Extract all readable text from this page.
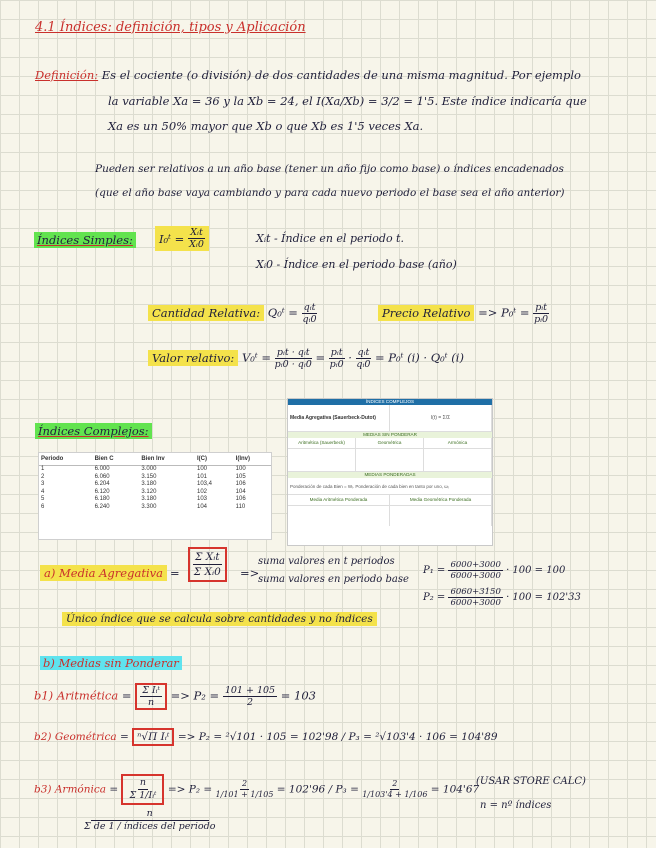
4.1 Índices: definición, tipos y Aplicación
Definición: Es el cociente (o división) de dos cantidades de una misma magnitud. Por ejemplo
la variable Xa = 36 y la Xb = 24, el I(Xa/Xb) = 3/2 = 1'5. Este índice indicaría que
Xa es un 50% mayor que Xb o que Xb es 1'5 veces Xa.
Pueden ser relativos a un año base (tener un año fijo como base) o índices encadenados
(que el año base vaya cambiando y para cada nuevo periodo el base sea el año anterior)
Índices Simples: I₀ᵗ = $\frac{\text{Xᵢt}}{\text{Xᵢ0}}$	Xᵢt - Índice en el periodo t.
Xᵢ0 - Índice en el periodo base (año)
Cantidad Relativa: Q₀ᵗ = $\frac{\text{qᵢt}}{\text{qᵢ0}}$	Precio Relativo => P₀ᵗ = $\frac{\text{pᵢt}}{\text{pᵢ0}}$
Valor relativo: V₀ᵗ = $\frac{\text{pᵢt · qᵢt}}{\text{pᵢ0 · qᵢ0}} = \frac{\text{pᵢt}}{\text{pᵢ0}} \cdot \frac{\text{qᵢt}}{\text{qᵢ0}}$ = P₀ᵗ (i) · Q₀ᵗ (i)
Índices Complejos:
Periodo	Bien C	Bien Inv	I(C)	I(Inv)
1	6.000	3.000	100	100
2	6.060	3.150	101	105
3	6.204	3.180	103,4	106
4	6.120	3.120	102	104
5	6.180	3.180	103	106
6	6.240	3.300	104	110
ÍNDICES COMPLEJOS
Media Agregativa (Sauerbeck-Dutot)	I(t) = Σ/Σ
MEDIAS SIN PONDERAR
Aritmética (Sauerbeck)	Geométrica	Armónica
MEDIAS PONDERADAS
Ponderación de cada Bien = Wᵢ. Ponderación de cada bien en tanto por uno, ωᵢ
Media Aritmética Ponderada	Media Geométrica Ponderada
a) Media Agregativa = $\frac{\text{Σ Xᵢt}}{\text{Σ Xᵢ0}}$ =>
suma valores en t periodos
suma valores en periodo base
$P_1 = \frac{6000+3000}{6000+3000} \cdot 100 = 100$
$P_2 = \frac{6060+3150}{6000+3000} \cdot 100 = 102'33$
Único índice que se calcula sobre cantidades y no índices
b) Medias sin Ponderar
b1) Aritmética = $\frac{\text{Σ Iᵢᵗ}}{n} => P_2 = \frac{101 + 105}{2} = 103$
b2) Geométrica = ⁿ√Π Iᵢᵗ => P₂ = ²√101 · 105 = 102'98 / P₃ = ²√103'4 · 106 = 104'89
b3) Armónica = $\frac{n}{\text{Σ 1/Iᵢᵗ}} => P_2 = \frac{2}{1/101 + 1/105} = 102'96 / P_3 = \frac{2}{1/103'4 + 1/106} = 104'67$
(USAR STORE CALC)
n = nº índices
$\frac{n}{\text{Σ de 1 / índices del periodo}}$
